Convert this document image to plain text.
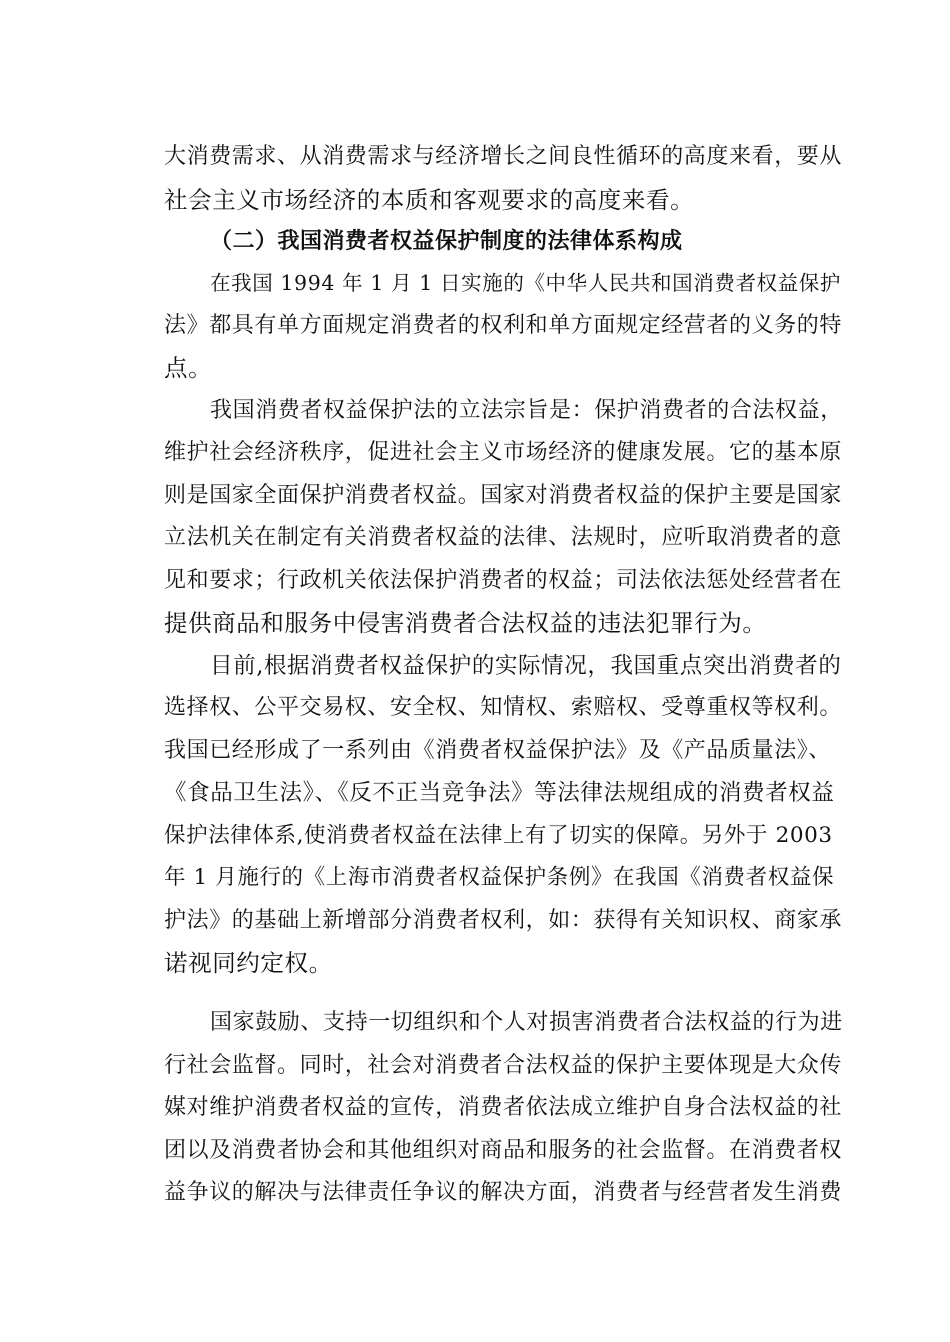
大消费需求、从消费需求与经济增长之间良性循环的高度来看，要从
社会主义市场经济的本质和客观要求的高度来看。
（二）我国消费者权益保护制度的法律体系构成
在我国 1994 年 1 月 1 日实施的《中华人民共和国消费者权益保护
法》都具有单方面规定消费者的权利和单方面规定经营者的义务的特
点。
我国消费者权益保护法的立法宗旨是：保护消费者的合法权益，
维护社会经济秩序，促进社会主义市场经济的健康发展。它的基本原
则是国家全面保护消费者权益。国家对消费者权益的保护主要是国家
立法机关在制定有关消费者权益的法律、法规时，应听取消费者的意
见和要求；行政机关依法保护消费者的权益；司法依法惩处经营者在
提供商品和服务中侵害消费者合法权益的违法犯罪行为。
目前,根据消费者权益保护的实际情况，我国重点突出消费者的
选择权、公平交易权、安全权、知情权、索赔权、受尊重权等权利。
我国已经形成了一系列由《消费者权益保护法》及《产品质量法》、
《食品卫生法》、《反不正当竞争法》等法律法规组成的消费者权益
保护法律体系,使消费者权益在法律上有了切实的保障。另外于 2003
年 1 月施行的《上海市消费者权益保护条例》在我国《消费者权益保
护法》的基础上新增部分消费者权利，如：获得有关知识权、商家承
诺视同约定权。
国家鼓励、支持一切组织和个人对损害消费者合法权益的行为进
行社会监督。同时，社会对消费者合法权益的保护主要体现是大众传
媒对维护消费者权益的宣传，消费者依法成立维护自身合法权益的社
团以及消费者协会和其他组织对商品和服务的社会监督。在消费者权
益争议的解决与法律责任争议的解决方面，消费者与经营者发生消费
